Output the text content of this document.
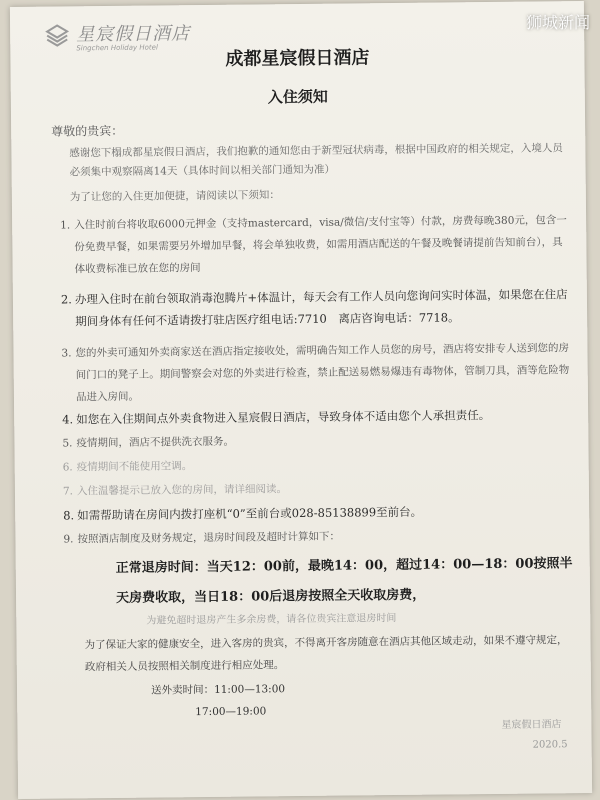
星宸假日酒店
Singchen Holiday Hotel	成都星宸假日酒店
入住须知
尊敬的贵宾：
感谢您下榻成都星宸假日酒店，我们抱歉的通知您由于新型冠状病毒，根据中国政府的相关规定，入境人员必须集中观察隔离14天（具体时间以相关部门通知为准）
为了让您的入住更加便捷，请阅读以下须知：
1. 入住时前台将收取6000元押金（支持mastercard，visa/微信/支付宝等）付款，房费每晚380元，包含一份免费早餐，如果需要另外增加早餐，将会单独收费，如需用酒店配送的午餐及晚餐请提前告知前台），具体收费标准已放在您的房间
2. 办理入住时在前台领取消毒泡腾片+体温计，每天会有工作人员向您询问实时体温，如果您在住店期间身体有任何不适请拨打驻店医疗组电话:7710　离店咨询电话：7718。
3. 您的外卖可通知外卖商家送在酒店指定接收处，需明确告知工作人员您的房号，酒店将安排专人送到您的房间门口的凳子上。期间警察会对您的外卖进行检查，禁止配送易燃易爆违有毒物体，管制刀具，酒等危险物品进入房间。
4. 如您在入住期间点外卖食物进入星宸假日酒店，导致身体不适由您个人承担责任。
5. 疫情期间，酒店不提供洗衣服务。
6. 疫情期间不能使用空调。
7. 入住温馨提示已放入您的房间，请详细阅读。
8. 如需帮助请在房间内拨打座机“0”至前台或028-85138899至前台。
9. 按照酒店制度及财务规定，退房时间段及超时计算如下：
正常退房时间：当天12：00前，最晚14：00，超过14：00—18：00按照半天房费收取，当日18：00后退房按照全天收取房费，
为避免超时退房产生多余房费，请各位贵宾注意退房时间
为了保证大家的健康安全，进入客房的贵宾，不得离开客房随意在酒店其他区域走动，如果不遵守规定，政府相关人员按照相关制度进行相应处理。
送外卖时间：11:00—13:00
17:00—19:00
星宸假日酒店
2020.5
狮城新闻
